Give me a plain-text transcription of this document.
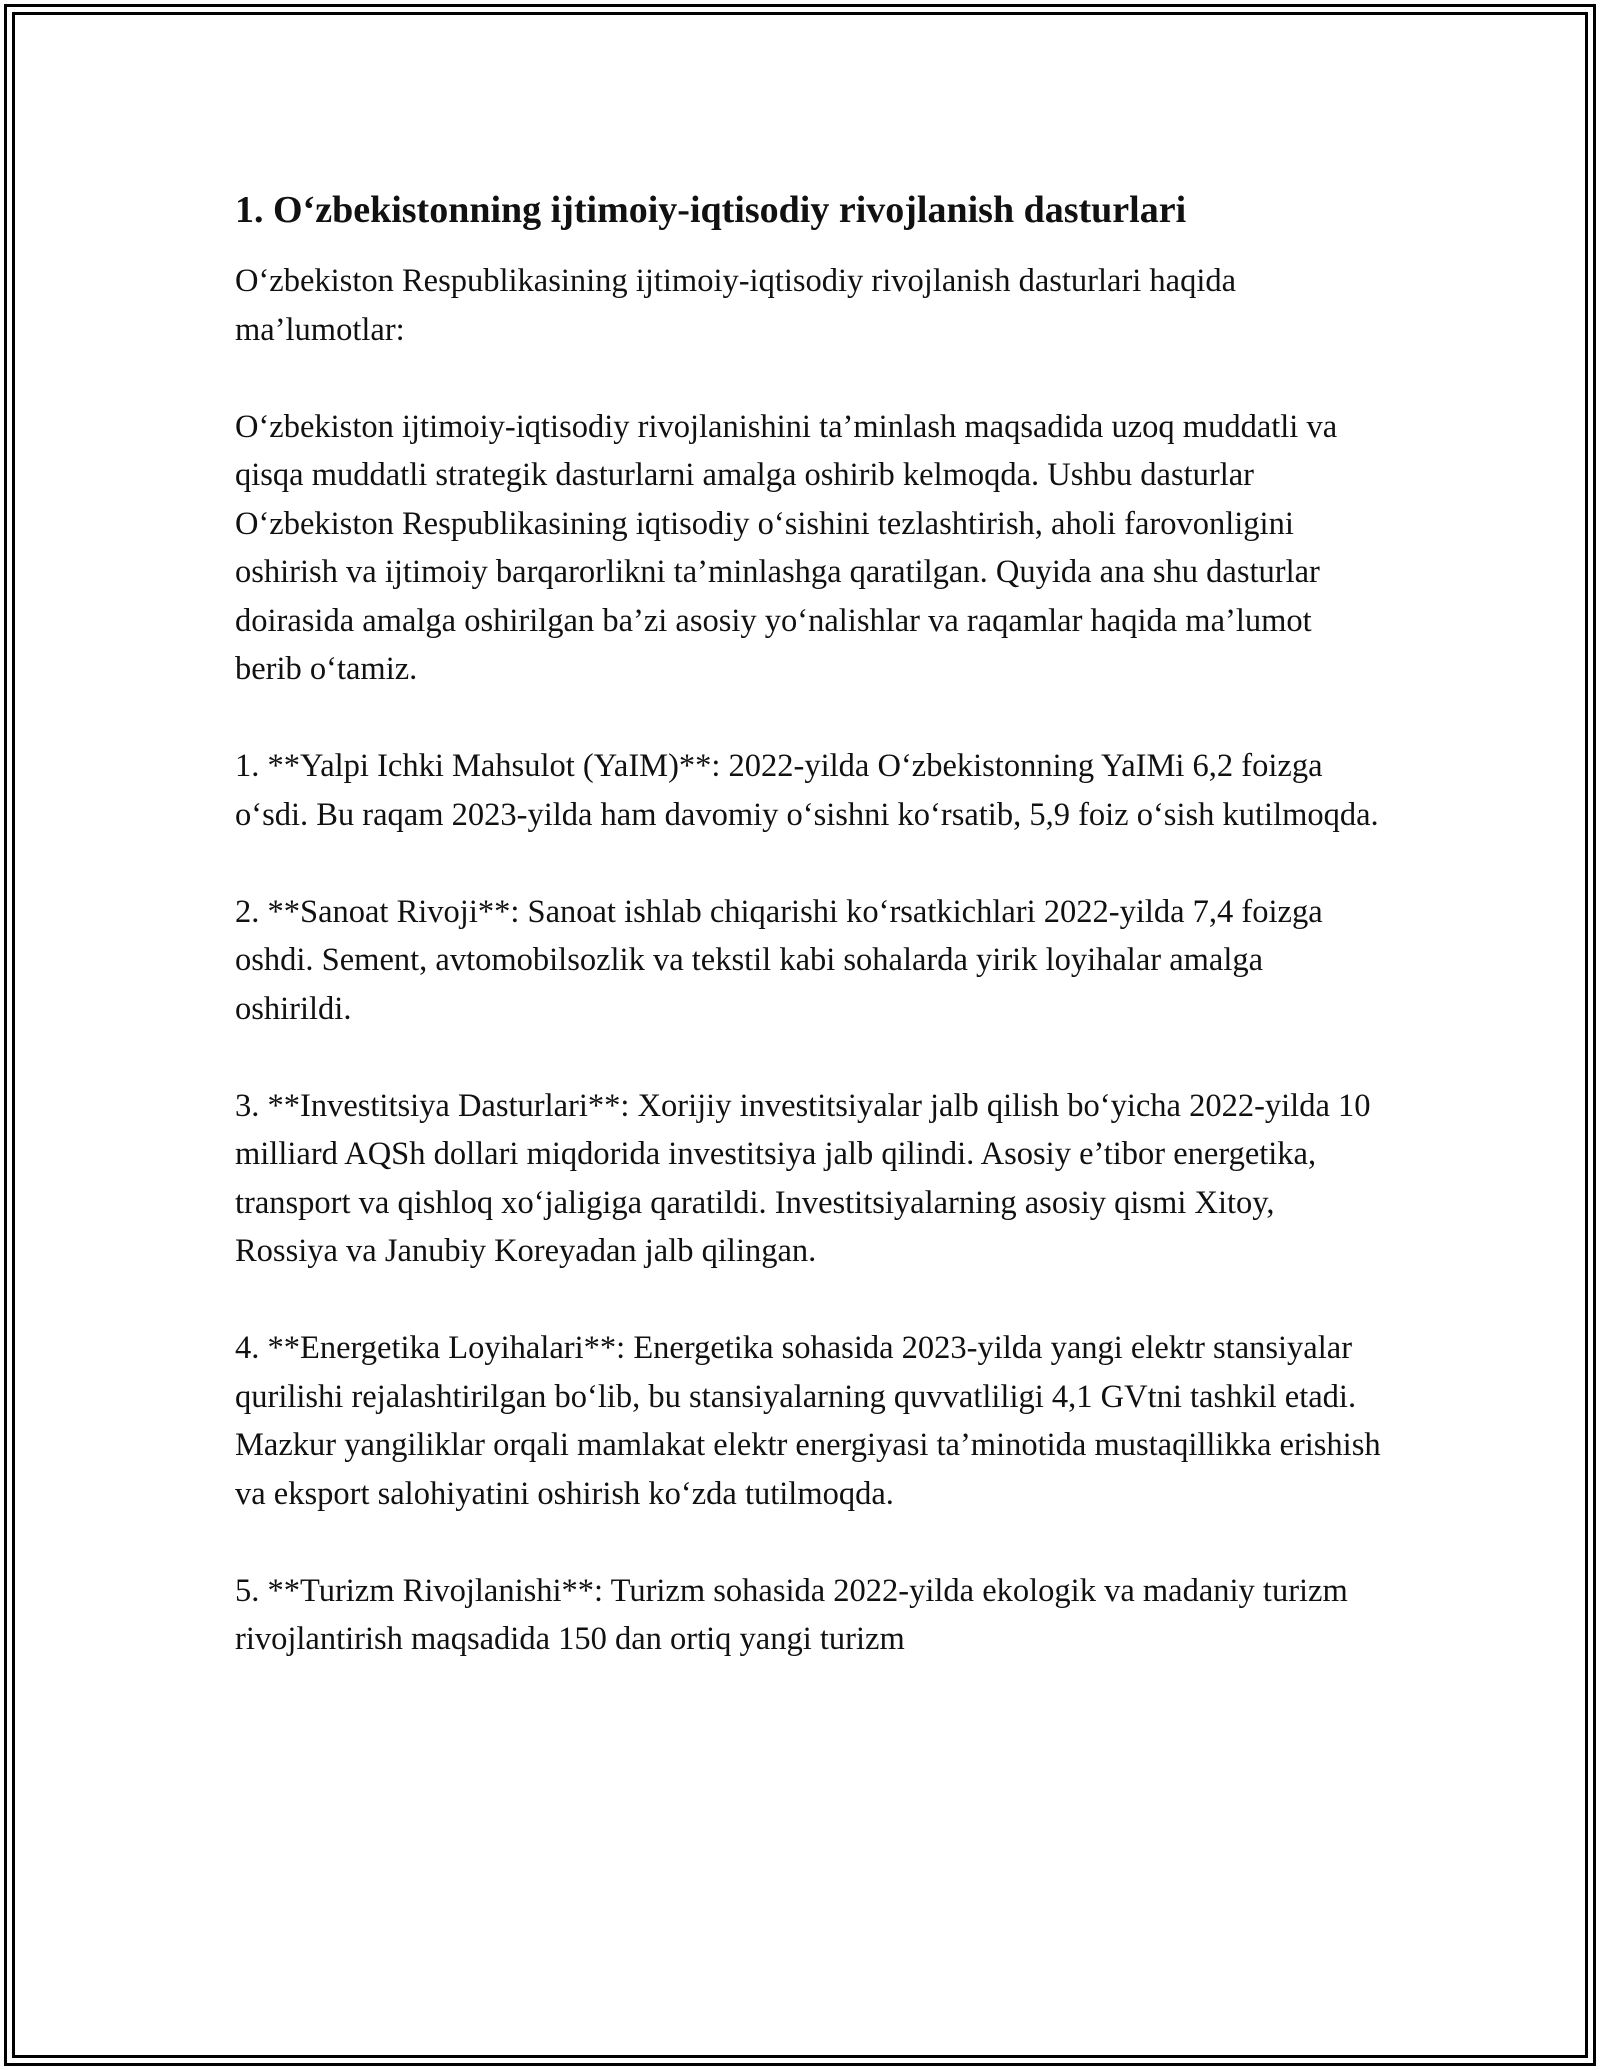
1. O‘zbekistonning ijtimoiy-iqtisodiy rivojlanish dasturlari

O‘zbekiston Respublikasining ijtimoiy-iqtisodiy rivojlanish dasturlari haqida ma’lumotlar:

O‘zbekiston ijtimoiy-iqtisodiy rivojlanishini ta’minlash maqsadida uzoq muddatli va qisqa muddatli strategik dasturlarni amalga oshirib kelmoqda. Ushbu dasturlar O‘zbekiston Respublikasining iqtisodiy o‘sishini tezlashtirish, aholi farovonligini oshirish va ijtimoiy barqarorlikni ta’minlashga qaratilgan. Quyida ana shu dasturlar doirasida amalga oshirilgan ba’zi asosiy yo‘nalishlar va raqamlar haqida ma’lumot berib o‘tamiz.

1. **Yalpi Ichki Mahsulot (YaIM)**: 2022-yilda O‘zbekistonning YaIMi 6,2 foizga o‘sdi. Bu raqam 2023-yilda ham davomiy o‘sishni ko‘rsatib, 5,9 foiz o‘sish kutilmoqda.

2. **Sanoat Rivoji**: Sanoat ishlab chiqarishi ko‘rsatkichlari 2022-yilda 7,4 foizga oshdi. Sement, avtomobilsozlik va tekstil kabi sohalarda yirik loyihalar amalga oshirildi.

3. **Investitsiya Dasturlari**: Xorijiy investitsiyalar jalb qilish bo‘yicha 2022-yilda 10 milliard AQSh dollari miqdorida investitsiya jalb qilindi. Asosiy e’tibor energetika, transport va qishloq xo‘jaligiga qaratildi. Investitsiyalarning asosiy qismi Xitoy, Rossiya va Janubiy Koreyadan jalb qilingan.

4. **Energetika Loyihalari**: Energetika sohasida 2023-yilda yangi elektr stansiyalar qurilishi rejalashtirilgan bo‘lib, bu stansiyalarning quvvatliligi 4,1 GVtni tashkil etadi. Mazkur yangiliklar orqali mamlakat elektr energiyasi ta’minotida mustaqillikka erishish va eksport salohiyatini oshirish ko‘zda tutilmoqda.

5. **Turizm Rivojlanishi**: Turizm sohasida 2022-yilda ekologik va madaniy turizm rivojlantirish maqsadida 150 dan ortiq yangi turizm
